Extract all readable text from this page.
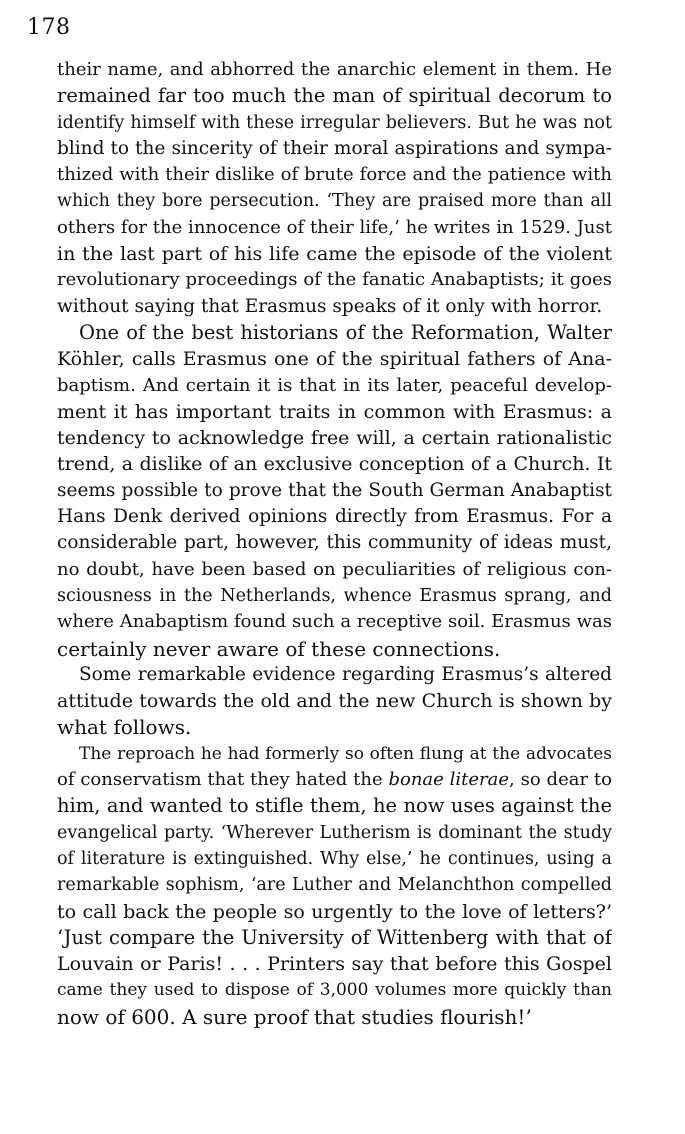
178
their name, and abhorred the anarchic element in them. He
remained far too much the man of spiritual decorum to
identify himself with these irregular believers. But he was not
blind to the sincerity of their moral aspirations and sympa-
thized with their dislike of brute force and the patience with
which they bore persecution. ‘They are praised more than all
others for the innocence of their life,’ he writes in 1529. Just
in the last part of his life came the episode of the violent
revolutionary proceedings of the fanatic Anabaptists; it goes
without saying that Erasmus speaks of it only with horror.
One of the best historians of the Reformation, Walter
Köhler, calls Erasmus one of the spiritual fathers of Ana-
baptism. And certain it is that in its later, peaceful develop-
ment it has important traits in common with Erasmus: a
tendency to acknowledge free will, a certain rationalistic
trend, a dislike of an exclusive conception of a Church. It
seems possible to prove that the South German Anabaptist
Hans Denk derived opinions directly from Erasmus. For a
considerable part, however, this community of ideas must,
no doubt, have been based on peculiarities of religious con-
sciousness in the Netherlands, whence Erasmus sprang, and
where Anabaptism found such a receptive soil. Erasmus was
certainly never aware of these connections.
Some remarkable evidence regarding Erasmus’s altered
attitude towards the old and the new Church is shown by
what follows.
The reproach he had formerly so often flung at the advocates
of conservatism that they hated the bonae literae, so dear to
him, and wanted to stifle them, he now uses against the
evangelical party. ‘Wherever Lutherism is dominant the study
of literature is extinguished. Why else,’ he continues, using a
remarkable sophism, ‘are Luther and Melanchthon compelled
to call back the people so urgently to the love of letters?’
‘Just compare the University of Wittenberg with that of
Louvain or Paris! . . . Printers say that before this Gospel
came they used to dispose of 3,000 volumes more quickly than
now of 600. A sure proof that studies flourish!’
